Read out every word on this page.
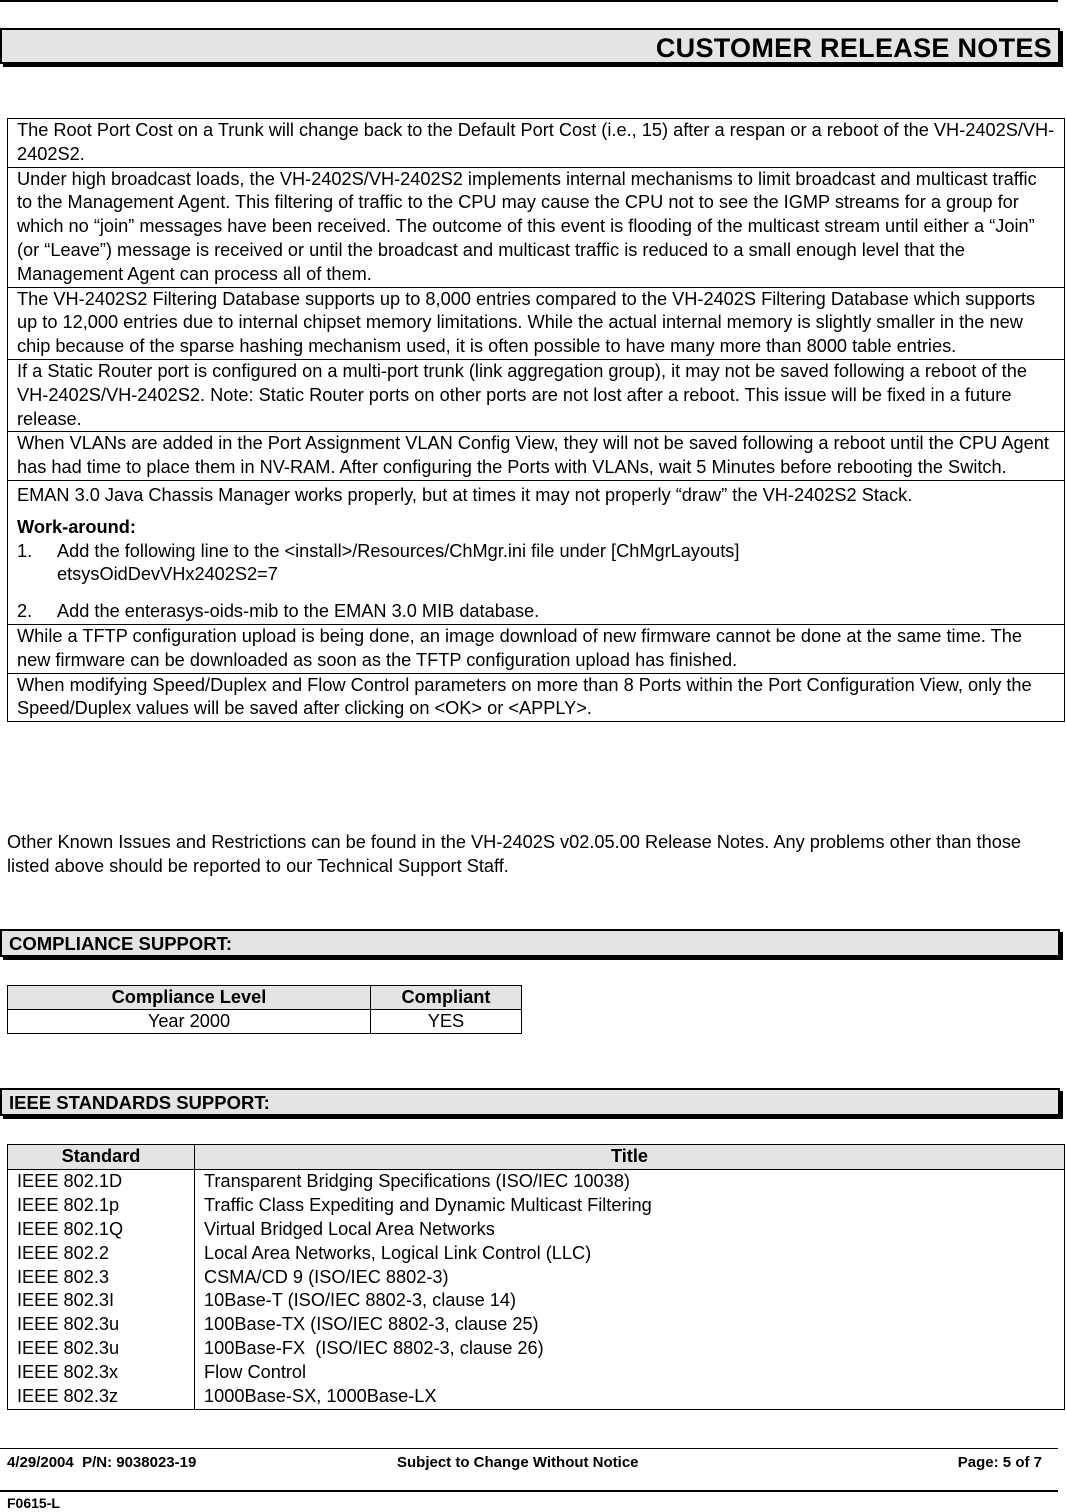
CUSTOMER RELEASE NOTES
The Root Port Cost on a Trunk will change back to the Default Port Cost (i.e., 15) after a respan or a reboot of the VH-2402S/VH-2402S2.
Under high broadcast loads, the VH-2402S/VH-2402S2 implements internal mechanisms to limit broadcast and multicast traffic to the Management Agent. This filtering of traffic to the CPU may cause the CPU not to see the IGMP streams for a group for which no “join” messages have been received. The outcome of this event is flooding of the multicast stream until either a “Join” (or “Leave”) message is received or until the broadcast and multicast traffic is reduced to a small enough level that the Management Agent can process all of them.
The VH-2402S2 Filtering Database supports up to 8,000 entries compared to the VH-2402S Filtering Database which supports up to 12,000 entries due to internal chipset memory limitations. While the actual internal memory is slightly smaller in the new chip because of the sparse hashing mechanism used, it is often possible to have many more than 8000 table entries.
If a Static Router port is configured on a multi-port trunk (link aggregation group), it may not be saved following a reboot of the VH-2402S/VH-2402S2. Note: Static Router ports on other ports are not lost after a reboot. This issue will be fixed in a future release.
When VLANs are added in the Port Assignment VLAN Config View, they will not be saved following a reboot until the CPU Agent has had time to place them in NV-RAM. After configuring the Ports with VLANs, wait 5 Minutes before rebooting the Switch.

EMAN 3.0 Java Chassis Manager works properly, but at times it may not properly “draw” the VH-2402S2 Stack.
Work-around:
1.	Add the following line to the <install>/Resources/ChMgr.ini file under [ChMgrLayouts]
etsysOidDevVHx2402S2=7
2.	Add the enterasys-oids-mib to the EMAN 3.0 MIB database.

While a TFTP configuration upload is being done, an image download of new firmware cannot be done at the same time. The new firmware can be downloaded as soon as the TFTP configuration upload has finished.
When modifying Speed/Duplex and Flow Control parameters on more than 8 Ports within the Port Configuration View, only the Speed/Duplex values will be saved after clicking on <OK> or <APPLY>.

Other Known Issues and Restrictions can be found in the VH-2402S v02.05.00 Release Notes. Any problems other than those listed above should be reported to our Technical Support Staff.

COMPLIANCE SUPPORT:
Compliance Level	Compliant
Year 2000	YES
IEEE STANDARDS SUPPORT:
Standard	Title
IEEE 802.1D	Transparent Bridging Specifications (ISO/IEC 10038)
IEEE 802.1p	Traffic Class Expediting and Dynamic Multicast Filtering
IEEE 802.1Q	Virtual Bridged Local Area Networks
IEEE 802.2	Local Area Networks, Logical Link Control (LLC)
IEEE 802.3	CSMA/CD 9 (ISO/IEC 8802-3)
IEEE 802.3I	10Base-T (ISO/IEC 8802-3, clause 14)
IEEE 802.3u	100Base-TX (ISO/IEC 8802-3, clause 25)
IEEE 802.3u	100Base-FX  (ISO/IEC 8802-3, clause 26)
IEEE 802.3x	Flow Control
IEEE 802.3z	1000Base-SX, 1000Base-LX
4/29/2004  P/N: 9038023-19	Subject to Change Without Notice	Page: 5 of 7
F0615-L
